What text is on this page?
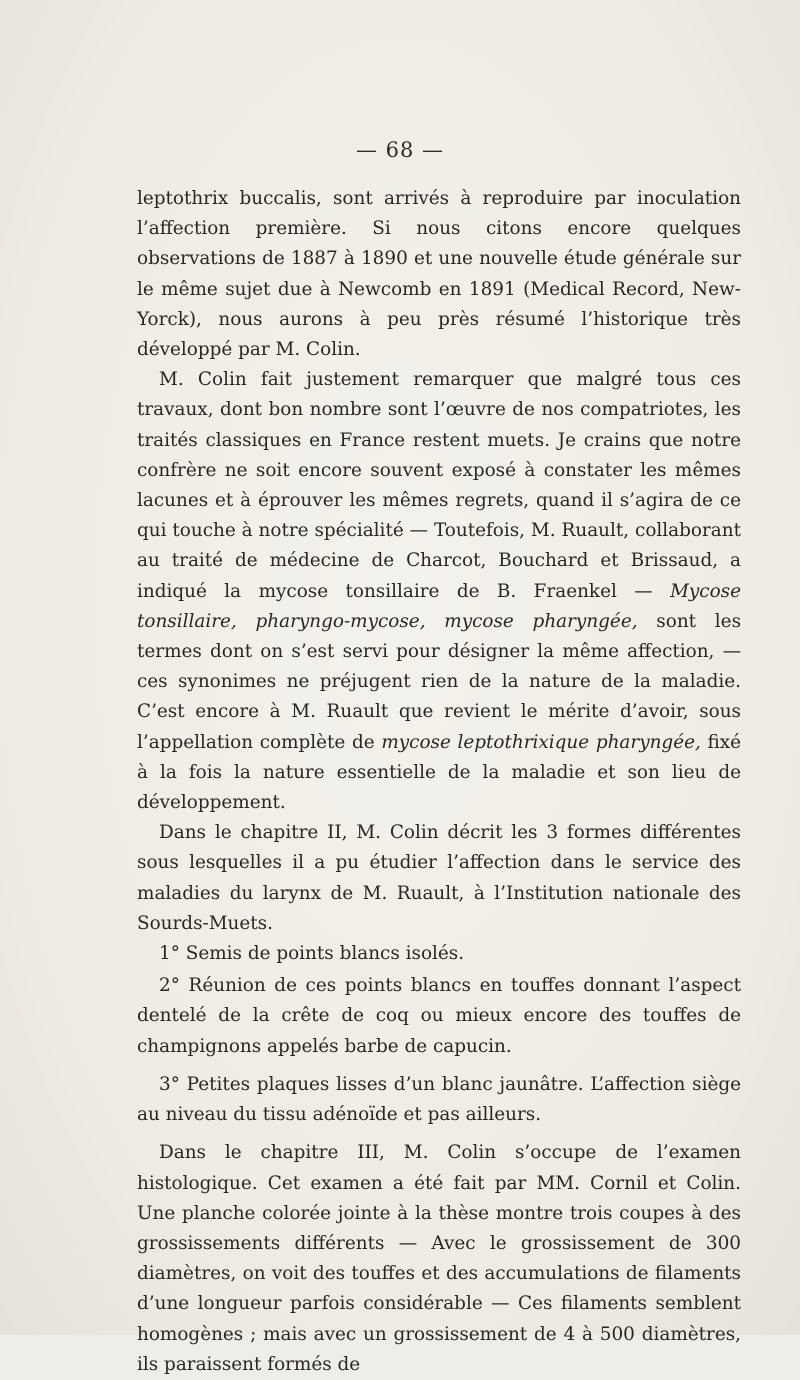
— 68 —

leptothrix buccalis, sont arrivés à reproduire par inoculation l’affection première. Si nous citons encore quelques observations de 1887 à 1890 et une nouvelle étude générale sur le même sujet due à Newcomb en 1891 (Medical Record, New-Yorck), nous aurons à peu près résumé l’historique très développé par M. Colin.

M. Colin fait justement remarquer que malgré tous ces travaux, dont bon nombre sont l’œuvre de nos compatriotes, les traités classiques en France restent muets. Je crains que notre confrère ne soit encore souvent exposé à constater les mêmes lacunes et à éprouver les mêmes regrets, quand il s’agira de ce qui touche à notre spécialité — Toutefois, M. Ruault, collaborant au traité de médecine de Charcot, Bouchard et Brissaud, a indiqué la mycose tonsillaire de B. Fraenkel — Mycose tonsillaire, pharyngo-mycose, mycose pharyngée, sont les termes dont on s’est servi pour désigner la même affection, — ces synonimes ne préjugent rien de la nature de la maladie. C’est encore à M. Ruault que revient le mérite d’avoir, sous l’appellation complète de mycose leptothrixique pharyngée, fixé à la fois la nature essentielle de la maladie et son lieu de développement.

Dans le chapitre II, M. Colin décrit les 3 formes différentes sous lesquelles il a pu étudier l’affection dans le service des maladies du larynx de M. Ruault, à l’Institution nationale des Sourds-Muets.

1° Semis de points blancs isolés.

2° Réunion de ces points blancs en touffes donnant l’aspect dentelé de la crête de coq ou mieux encore des touffes de champignons appelés barbe de capucin.

3° Petites plaques lisses d’un blanc jaunâtre. L’affection siège au niveau du tissu adénoïde et pas ailleurs.

Dans le chapitre III, M. Colin s’occupe de l’examen histologique. Cet examen a été fait par MM. Cornil et Colin. Une planche colorée jointe à la thèse montre trois coupes à des grossissements différents — Avec le grossissement de 300 diamètres, on voit des touffes et des accumulations de filaments d’une longueur parfois considérable — Ces filaments semblent homogènes ; mais avec un grossissement de 4 à 500 diamètres, ils paraissent formés de
